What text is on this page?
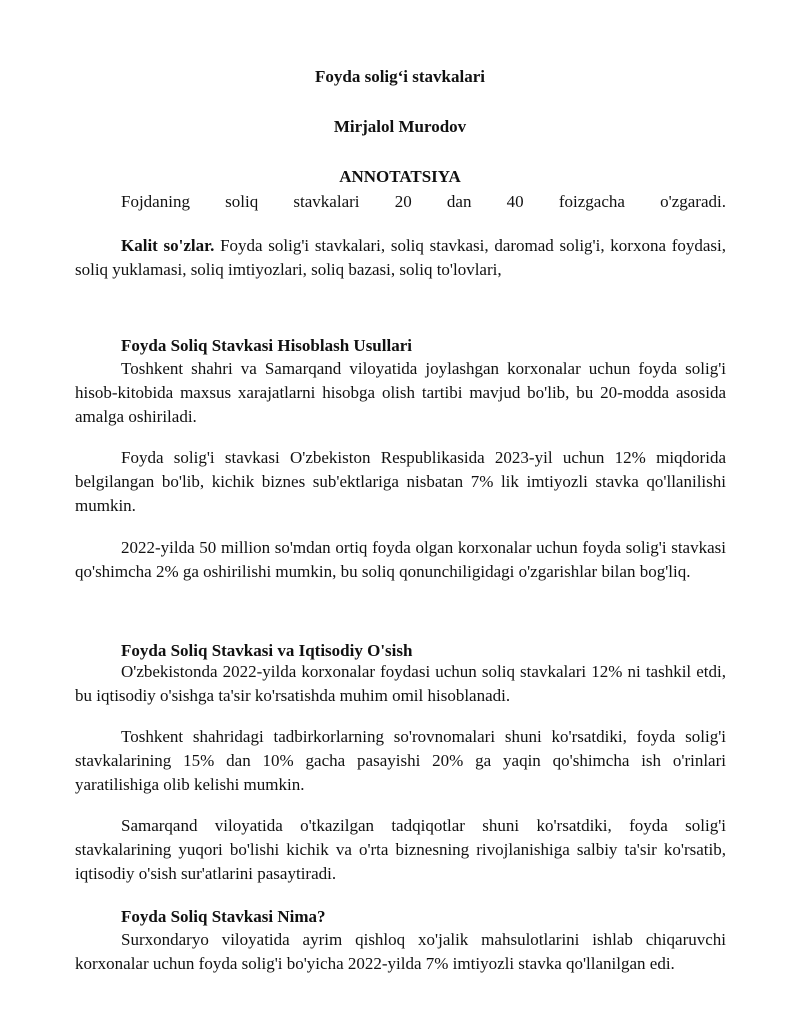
Foyda solig‘i stavkalari
Mirjalol Murodov
ANNOTATSIYA
Fojdaning soliq stavkalari 20 dan 40 foizgacha o'zgaradi.

Kalit so'zlar. Foyda solig'i stavkalari, soliq stavkasi, daromad solig'i, korxona foydasi, soliq yuklamasi, soliq imtiyozlari, soliq bazasi, soliq to'lovlari,

Foyda Soliq Stavkasi Hisoblash Usullari

Toshkent shahri va Samarqand viloyatida joylashgan korxonalar uchun foyda solig'i hisob-kitobida maxsus xarajatlarni hisobga olish tartibi mavjud bo'lib, bu 20-modda asosida amalga oshiriladi.

Foyda solig'i stavkasi O'zbekiston Respublikasida 2023-yil uchun 12% miqdorida belgilangan bo'lib, kichik biznes sub'ektlariga nisbatan 7% lik imtiyozli stavka qo'llanilishi mumkin.

2022-yilda 50 million so'mdan ortiq foyda olgan korxonalar uchun foyda solig'i stavkasi qo'shimcha 2% ga oshirilishi mumkin, bu soliq qonunchiligidagi o'zgarishlar bilan bog'liq.

Foyda Soliq Stavkasi va Iqtisodiy O'sish

O'zbekistonda 2022-yilda korxonalar foydasi uchun soliq stavkalari 12% ni tashkil etdi, bu iqtisodiy o'sishga ta'sir ko'rsatishda muhim omil hisoblanadi.

Toshkent shahridagi tadbirkorlarning so'rovnomalari shuni ko'rsatdiki, foyda solig'i stavkalarining 15% dan 10% gacha pasayishi 20% ga yaqin qo'shimcha ish o'rinlari yaratilishiga olib kelishi mumkin.

Samarqand viloyatida o'tkazilgan tadqiqotlar shuni ko'rsatdiki, foyda solig'i stavkalarining yuqori bo'lishi kichik va o'rta biznesning rivojlanishiga salbiy ta'sir ko'rsatib, iqtisodiy o'sish sur'atlarini pasaytiradi.

Foyda Soliq Stavkasi Nima?

Surxondaryo viloyatida ayrim qishloq xo'jalik mahsulotlarini ishlab chiqaruvchi korxonalar uchun foyda solig'i bo'yicha 2022-yilda 7% imtiyozli stavka qo'llanilgan edi.
